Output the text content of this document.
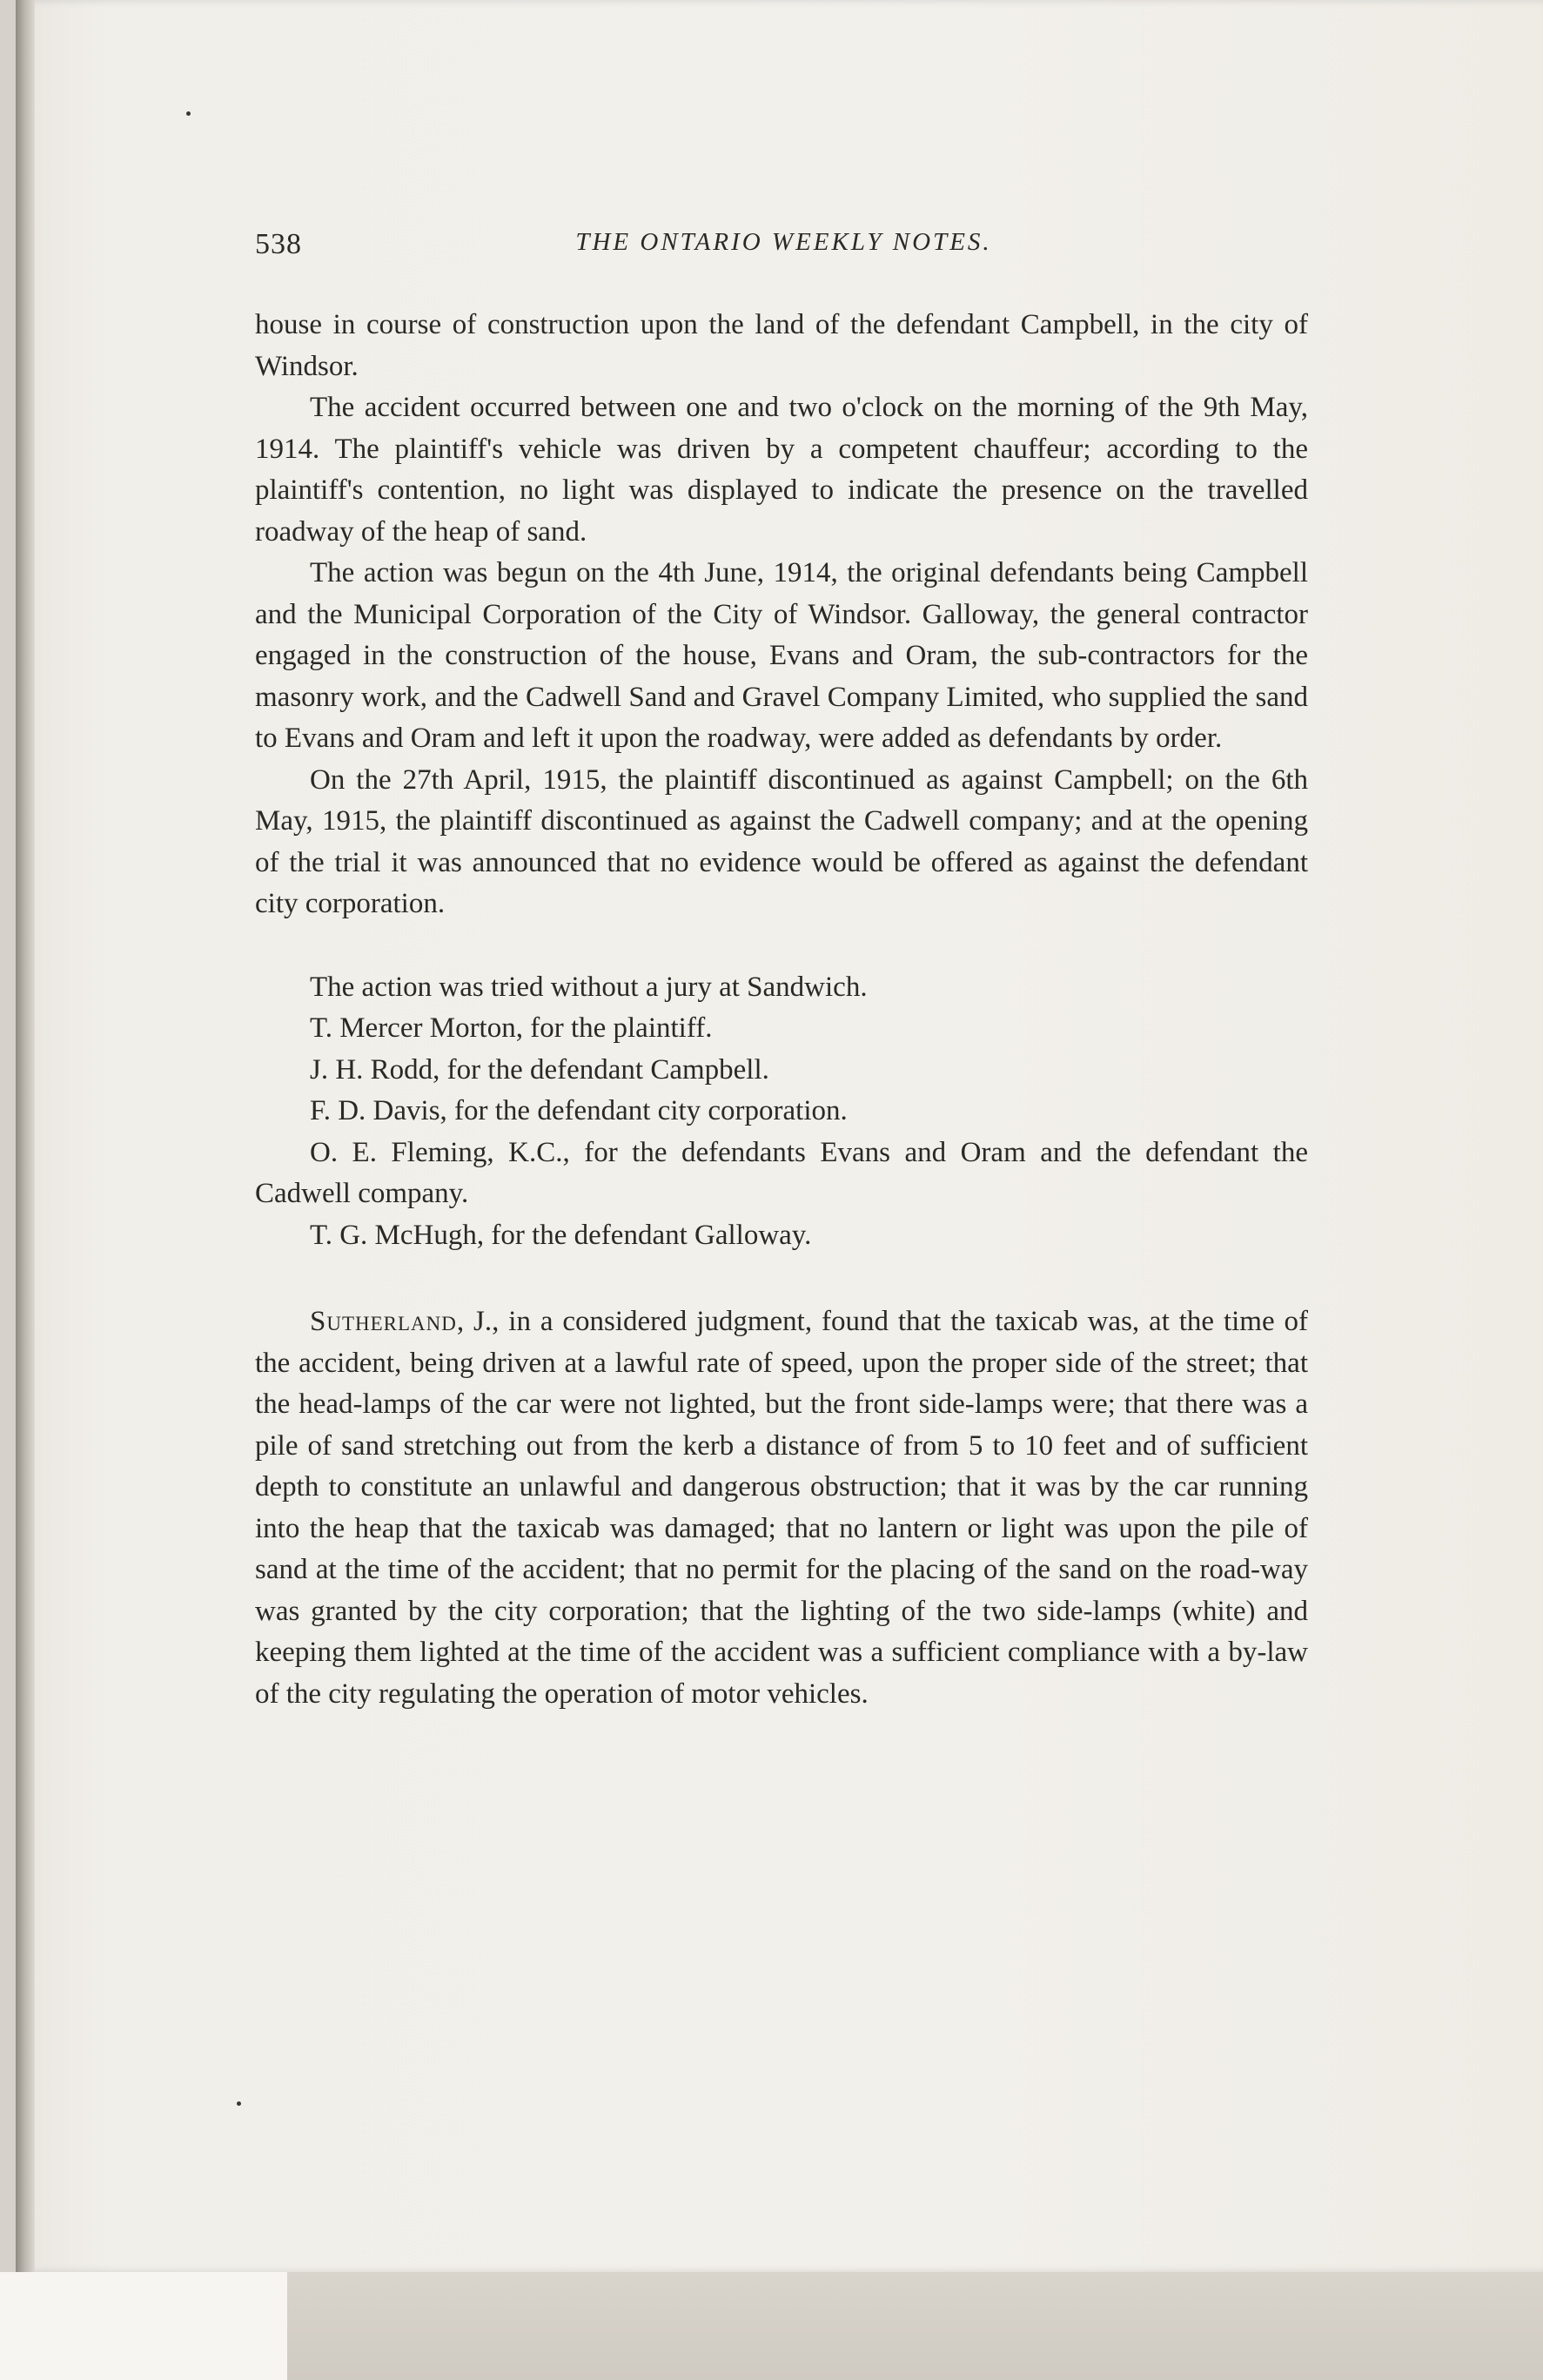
538	THE ONTARIO WEEKLY NOTES.

house in course of construction upon the land of the defendant Campbell, in the city of Windsor.

The accident occurred between one and two o'clock on the morning of the 9th May, 1914. The plaintiff's vehicle was driven by a competent chauffeur; according to the plaintiff's contention, no light was displayed to indicate the presence on the travelled roadway of the heap of sand.

The action was begun on the 4th June, 1914, the original defendants being Campbell and the Municipal Corporation of the City of Windsor. Galloway, the general contractor engaged in the construction of the house, Evans and Oram, the sub-contractors for the masonry work, and the Cadwell Sand and Gravel Company Limited, who supplied the sand to Evans and Oram and left it upon the roadway, were added as defendants by order.

On the 27th April, 1915, the plaintiff discontinued as against Campbell; on the 6th May, 1915, the plaintiff discontinued as against the Cadwell company; and at the opening of the trial it was announced that no evidence would be offered as against the defendant city corporation.

The action was tried without a jury at Sandwich.

T. Mercer Morton, for the plaintiff.

J. H. Rodd, for the defendant Campbell.

F. D. Davis, for the defendant city corporation.

O. E. Fleming, K.C., for the defendants Evans and Oram and the defendant the Cadwell company.

T. G. McHugh, for the defendant Galloway.

Sutherland, J., in a considered judgment, found that the taxicab was, at the time of the accident, being driven at a lawful rate of speed, upon the proper side of the street; that the head-lamps of the car were not lighted, but the front side-lamps were; that there was a pile of sand stretching out from the kerb a distance of from 5 to 10 feet and of sufficient depth to constitute an unlawful and dangerous obstruction; that it was by the car running into the heap that the taxicab was damaged; that no lantern or light was upon the pile of sand at the time of the accident; that no permit for the placing of the sand on the road-way was granted by the city corporation; that the lighting of the two side-lamps (white) and keeping them lighted at the time of the accident was a sufficient compliance with a by-law of the city regulating the operation of motor vehicles.
